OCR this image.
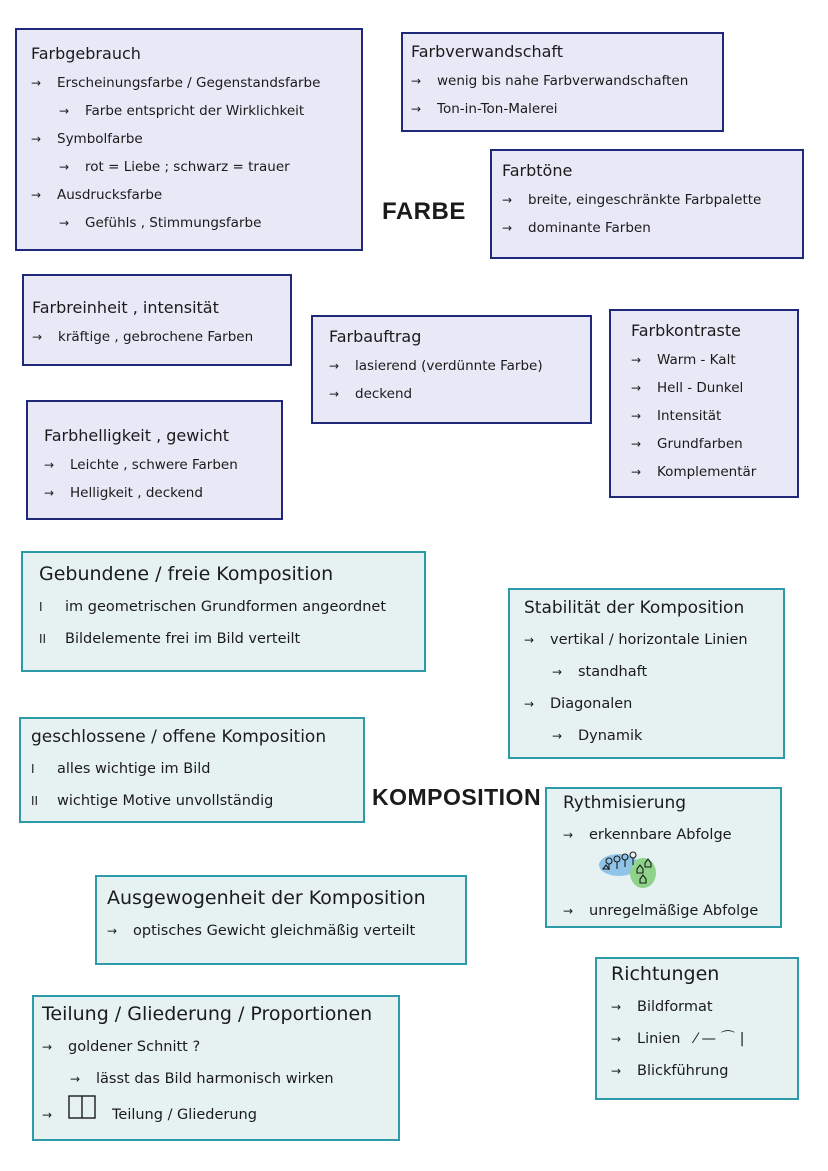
FARBE
KOMPOSITION
Farbgebrauch
→	Erscheinungsfarbe / Gegenstandsfarbe
→	Farbe entspricht der Wirklichkeit
→	Symbolfarbe
→	rot = Liebe ; schwarz = trauer
→	Ausdrucksfarbe
→	Gefühls , Stimmungsfarbe
Farbverwandschaft
→	wenig bis nahe Farbverwandschaften
→	Ton-in-Ton-Malerei
Farbtöne
→	breite, eingeschränkte Farbpalette
→	dominante Farben
Farbreinheit , intensität
→	kräftige , gebrochene Farben	Farbauftrag
→	lasierend (verdünnte Farbe)
→	deckend
Farbkontraste
→	Warm - Kalt
→	Hell - Dunkel
→	Intensität
→	Grundfarben
→	Komplementär
Farbhelligkeit , gewicht
→	Leichte , schwere Farben
→	Helligkeit , deckend
Gebundene / freie Komposition
I	im geometrischen Grundformen angeordnet
II	Bildelemente frei im Bild verteilt
Stabilität der Komposition
→	vertikal / horizontale Linien
→	standhaft
→	Diagonalen
→	Dynamik
geschlossene / offene Komposition
I	alles wichtige im Bild
II	wichtige Motive unvollständig	Rythmisierung
→	erkennbare Abfolge
→	unregelmäßige Abfolge
Ausgewogenheit der Komposition
→	optisches Gewicht gleichmäßig verteilt
Richtungen
→	Bildformat
→	Linien ⁄ — ⌒ |
→	Blickführung
Teilung / Gliederung / Proportionen
→	goldener Schnitt ?
→	lässt das Bild harmonisch wirken
→	Teilung / Gliederung
